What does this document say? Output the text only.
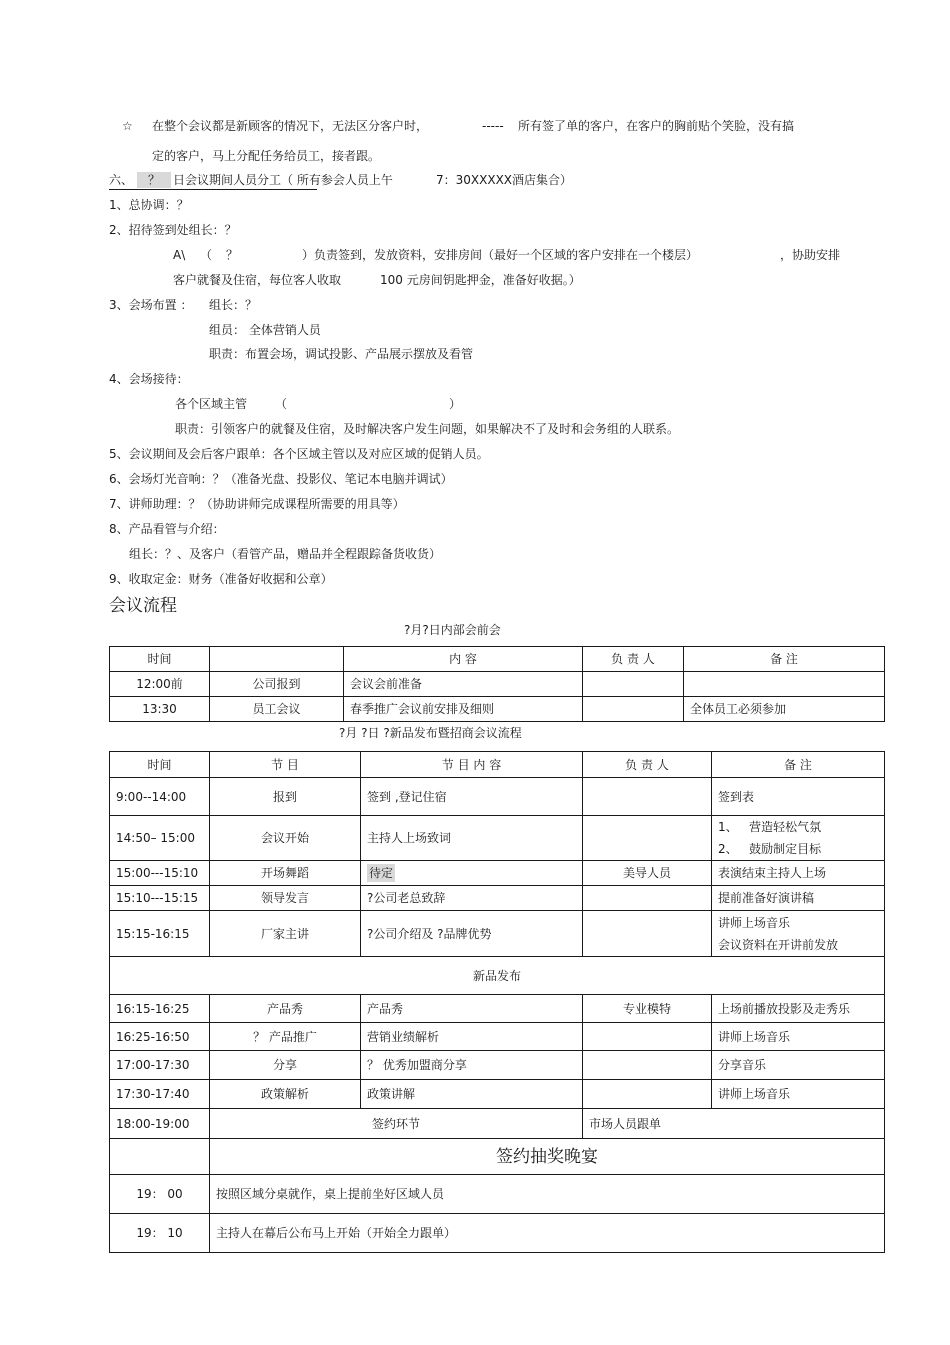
☆ 在整个会议都是新顾客的情况下，无法区分客户时，	----- 所有签了单的客户，在客户的胸前贴个笑脸，没有搞
定的客户，马上分配任务给员工，接者跟。
六、	？	日会议期间人员分工（ 所有参会人员上午	7：30XXXXX酒店集合）
1、总协调：？
2、招待签到处组长：？
A\ （ ？	）负责签到，发放资料，安排房间（最好一个区域的客户安排在一个楼层）	，协助安排
客户就餐及住宿，每位客人收取	100 元房间钥匙押金，准备好收据。）
3、会场布置 ： 组长：？
组员： 全体营销人员
职责：布置会场，调试投影、产品展示摆放及看管
4、会场接待：
各个区域主管 （	）
职责：引领客户的就餐及住宿，及时解决客户发生问题，如果解决不了及时和会务组的人联系。
5、会议期间及会后客户跟单：各个区域主管以及对应区域的促销人员。
6、会场灯光音响：？（准备光盘、投影仪、笔记本电脑并调试）
7、讲师助理：？（协助讲师完成课程所需要的用具等）
8、产品看管与介绍：
组长：？、及客户（看管产品，赠品并全程跟踪备货收货）
9、收取定金：财务（准备好收据和公章）
会议流程
?月?日内部会前会
时间		内 容	负 责 人	备 注
12:00前	公司报到	会议会前准备		
13:30	员工会议	春季推广会议前安排及细则		全体员工必须参加
?月 ?日 ?新品发布暨招商会议流程
时间	节 目	节 目 内 容	负 责 人	备 注
9:00--14:00	报到	签到 ,登记住宿		签到表
14:50– 15:00	会议开始	主持人上场致词		1、 营造轻松气氛
2、 鼓励制定目标

15:00---15:10	开场舞蹈	待定	美导人员	表演结束主持人上场
15:10---15:15	领导发言	?公司老总致辞		提前准备好演讲稿
15:15-16:15	厂家主讲	?公司介绍及 ?品牌优势		讲师上场音乐
会议资料在开讲前发放

新品发布				
16:15-16:25	产品秀	产品秀	专业模特	上场前播放投影及走秀乐
16:25-16:50	？ 产品推广	营销业绩解析		讲师上场音乐
17:00-17:30	分享	？ 优秀加盟商分享		分享音乐
17:30-17:40	政策解析	政策讲解		讲师上场音乐
18:00-19:00	签约环节		市场人员跟单	
	签约抽奖晚宴			
19： 00	按照区域分桌就作，桌上提前坐好区域人员			
19： 10	主持人在幕后公布马上开始（开始全力跟单）			
